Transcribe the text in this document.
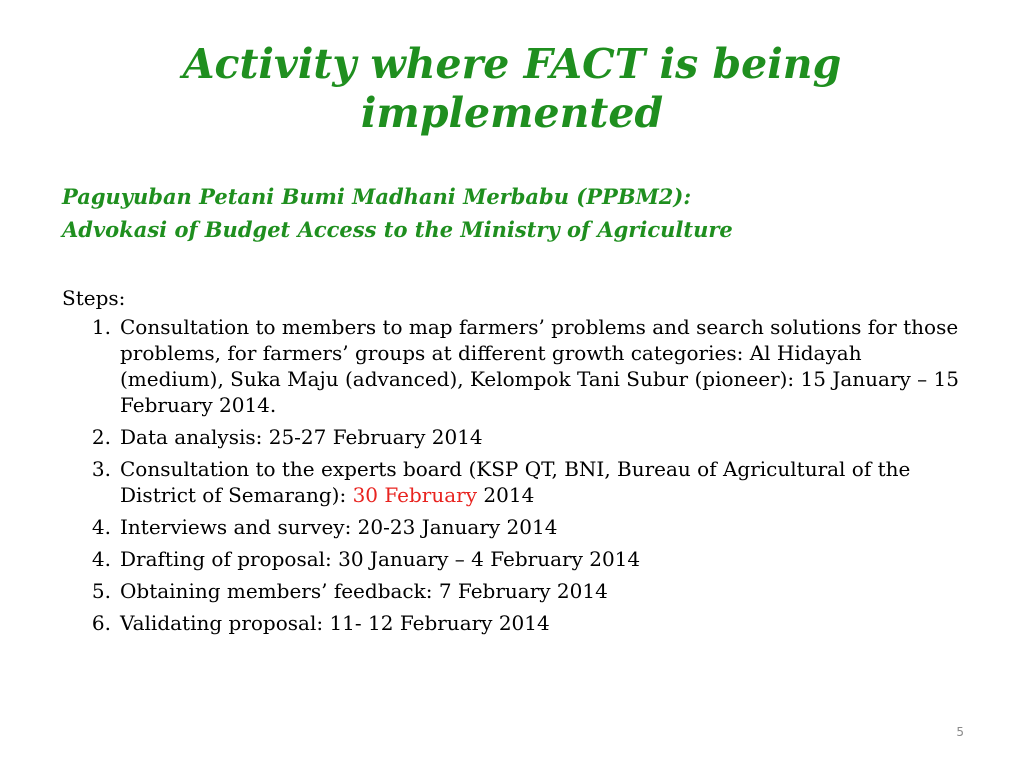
Activity where FACT is being implemented
Paguyuban Petani Bumi Madhani Merbabu (PPBM2):
Advokasi of Budget Access to the Ministry of Agriculture
Steps:
1. Consultation to members to map farmers’ problems and search solutions for those problems, for farmers’ groups at different growth categories: Al Hidayah (medium), Suka Maju (advanced), Kelompok Tani Subur (pioneer): 15 January – 15 February 2014.
2. Data analysis: 25-27 February 2014
3. Consultation to the experts board (KSP QT, BNI, Bureau of Agricultural of the District of Semarang): 30 February 2014
4. Interviews and survey: 20-23 January 2014
4. Drafting of proposal: 30 January – 4 February 2014
5. Obtaining members’ feedback: 7 February 2014
6. Validating proposal: 11- 12 February 2014
5
